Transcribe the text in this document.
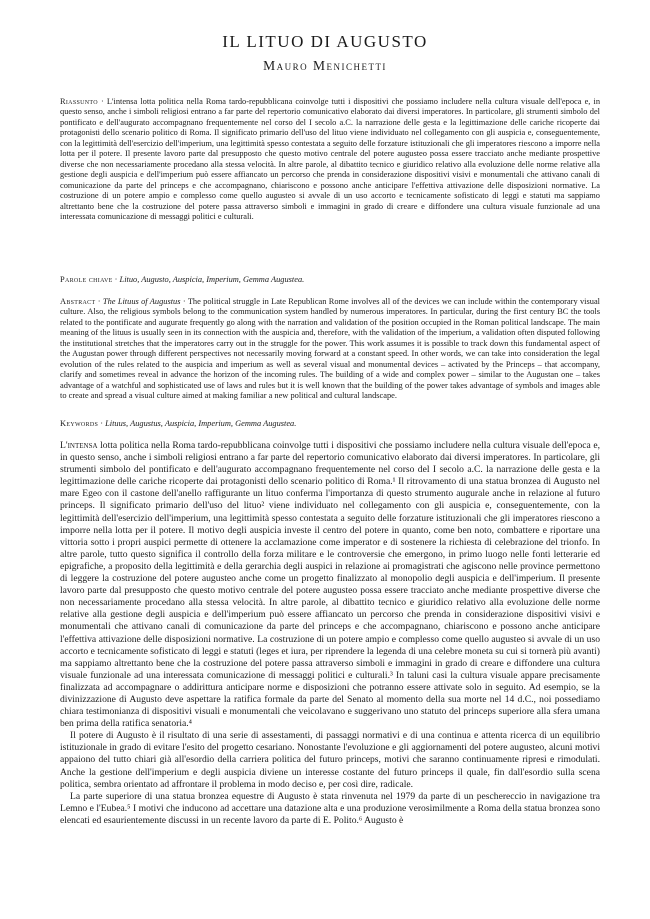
IL LITUO DI AUGUSTO
Mauro Menichetti
Riassunto · L'intensa lotta politica nella Roma tardo-repubblicana coinvolge tutti i dispositivi che possiamo includere nella cultura visuale dell'epoca e, in questo senso, anche i simboli religiosi entrano a far parte del repertorio comunicativo elaborato dai diversi imperatores. In particolare, gli strumenti simbolo del pontificato e dell'augurato accompagnano frequentemente nel corso del I secolo a.C. la narrazione delle gesta e la legittimazione delle cariche ricoperte dai protagonisti dello scenario politico di Roma. Il significato primario dell'uso del lituo viene individuato nel collegamento con gli auspicia e, conseguentemente, con la legittimità dell'esercizio dell'imperium, una legittimità spesso contestata a seguito delle forzature istituzionali che gli imperatores riescono a imporre nella lotta per il potere. Il presente lavoro parte dal presupposto che questo motivo centrale del potere augusteo possa essere tracciato anche mediante prospettive diverse che non necessariamente procedano alla stessa velocità. In altre parole, al dibattito tecnico e giuridico relativo alla evoluzione delle norme relative alla gestione degli auspicia e dell'imperium può essere affiancato un percorso che prenda in considerazione dispositivi visivi e monumentali che attivano canali di comunicazione da parte del princeps e che accompagnano, chiariscono e possono anche anticipare l'effettiva attivazione delle disposizioni normative. La costruzione di un potere ampio e complesso come quello augusteo si avvale di un uso accorto e tecnicamente sofisticato di leggi e statuti ma sappiamo altrettanto bene che la costruzione del potere passa attraverso simboli e immagini in grado di creare e diffondere una cultura visuale funzionale ad una interessata comunicazione di messaggi politici e culturali.
Parole chiave · Lituo, Augusto, Auspicia, Imperium, Gemma Augustea.
Abstract · The Lituus of Augustus · The political struggle in Late Republican Rome involves all of the devices we can include within the contemporary visual culture. Also, the religious symbols belong to the communication system handled by numerous imperatores. In particular, during the first century BC the tools related to the pontificate and augurate frequently go along with the narration and validation of the position occupied in the Roman political landscape. The main meaning of the lituus is usually seen in its connection with the auspicia and, therefore, with the validation of the imperium, a validation often disputed following the institutional stretches that the imperatores carry out in the struggle for the power. This work assumes it is possible to track down this fundamental aspect of the Augustan power through different perspectives not necessarily moving forward at a constant speed. In other words, we can take into consideration the legal evolution of the rules related to the auspicia and imperium as well as several visual and monumental devices – activated by the Princeps – that accompany, clarify and sometimes reveal in advance the horizon of the incoming rules. The building of a wide and complex power – similar to the Augustan one – takes advantage of a watchful and sophisticated use of laws and rules but it is well known that the building of the power takes advantage of symbols and images able to create and spread a visual culture aimed at making familiar a new political and cultural landscape.
Keywords · Lituus, Augustus, Auspicia, Imperium, Gemma Augustea.

L'intensa lotta politica nella Roma tardo-repubblicana coinvolge tutti i dispositivi che possiamo includere nella cultura visuale dell'epoca e, in questo senso, anche i simboli religiosi entrano a far parte del repertorio comunicativo elaborato dai diversi imperatores. In particolare, gli strumenti simbolo del pontificato e dell'augurato accompagnano frequentemente nel corso del I secolo a.C. la narrazione delle gesta e la legittimazione delle cariche ricoperte dai protagonisti dello scenario politico di Roma.¹ Il ritrovamento di una statua bronzea di Augusto nel mare Egeo con il castone dell'anello raffigurante un lituo conferma l'importanza di questo strumento augurale anche in relazione al futuro princeps. Il significato primario dell'uso del lituo² viene individuato nel collegamento con gli auspicia e, conseguentemente, con la legittimità dell'esercizio dell'imperium, una legittimità spesso contestata a seguito delle forzature istituzionali che gli imperatores riescono a imporre nella lotta per il potere. Il motivo degli auspicia investe il centro del potere in quanto, come ben noto, combattere e riportare una vittoria sotto i propri auspici permette di ottenere la acclamazione come imperator e di sostenere la richiesta di celebrazione del trionfo. In altre parole, tutto questo significa il controllo della forza militare e le controversie che emergono, in primo luogo nelle fonti letterarie ed epigrafiche, a proposito della legittimità e della gerarchia degli auspici in relazione ai promagistrati che agiscono nelle province permettono di leggere la costruzione del potere augusteo anche come un progetto finalizzato al monopolio degli auspicia e dell'imperium. Il presente lavoro parte dal presupposto che questo motivo centrale del potere augusteo possa essere tracciato anche mediante prospettive diverse che non necessariamente procedano alla stessa velocità. In altre parole, al dibattito tecnico e giuridico relativo alla evoluzione delle norme relative alla gestione degli auspicia e dell'imperium può essere affiancato un percorso che prenda in considerazione dispositivi visivi e monumentali che attivano canali di comunicazione da parte del princeps e che accompagnano, chiariscono e possono anche anticipare l'effettiva attivazione delle disposizioni normative. La costruzione di un potere ampio e complesso come quello augusteo si avvale di un uso accorto e tecnicamente sofisticato di leggi e statuti (leges et iura, per riprendere la legenda di una celebre moneta su cui si tornerà più avanti) ma sappiamo altrettanto bene che la costruzione del potere passa attraverso simboli e immagini in grado di creare e diffondere una cultura visuale funzionale ad una interessata comunicazione di messaggi politici e culturali.³ In taluni casi la cultura visuale appare precisamente finalizzata ad accompagnare o addirittura anticipare norme e disposizioni che potranno essere attivate solo in seguito. Ad esempio, se la divinizzazione di Augusto deve aspettare la ratifica formale da parte del Senato al momento della sua morte nel 14 d.C., noi possediamo chiara testimonianza di dispositivi visuali e monumentali che veicolavano e suggerivano uno statuto del princeps superiore alla sfera umana ben prima della ratifica senatoria.⁴

Il potere di Augusto è il risultato di una serie di assestamenti, di passaggi normativi e di una continua e attenta ricerca di un equilibrio istituzionale in grado di evitare l'esito del progetto cesariano. Nonostante l'evoluzione e gli aggiornamenti del potere augusteo, alcuni motivi appaiono del tutto chiari già all'esordio della carriera politica del futuro princeps, motivi che saranno continuamente ripresi e rimodulati. Anche la gestione dell'imperium e degli auspicia diviene un interesse costante del futuro princeps il quale, fin dall'esordio sulla scena politica, sembra orientato ad affrontare il problema in modo deciso e, per così dire, radicale.

La parte superiore di una statua bronzea equestre di Augusto è stata rinvenuta nel 1979 da parte di un peschereccio in navigazione tra Lemno e l'Eubea.⁵ I motivi che inducono ad accettare una datazione alta e una produzione verosimilmente a Roma della statua bronzea sono elencati ed esaurientemente discussi in un recente lavoro da parte di E. Polito.⁶ Augusto è
